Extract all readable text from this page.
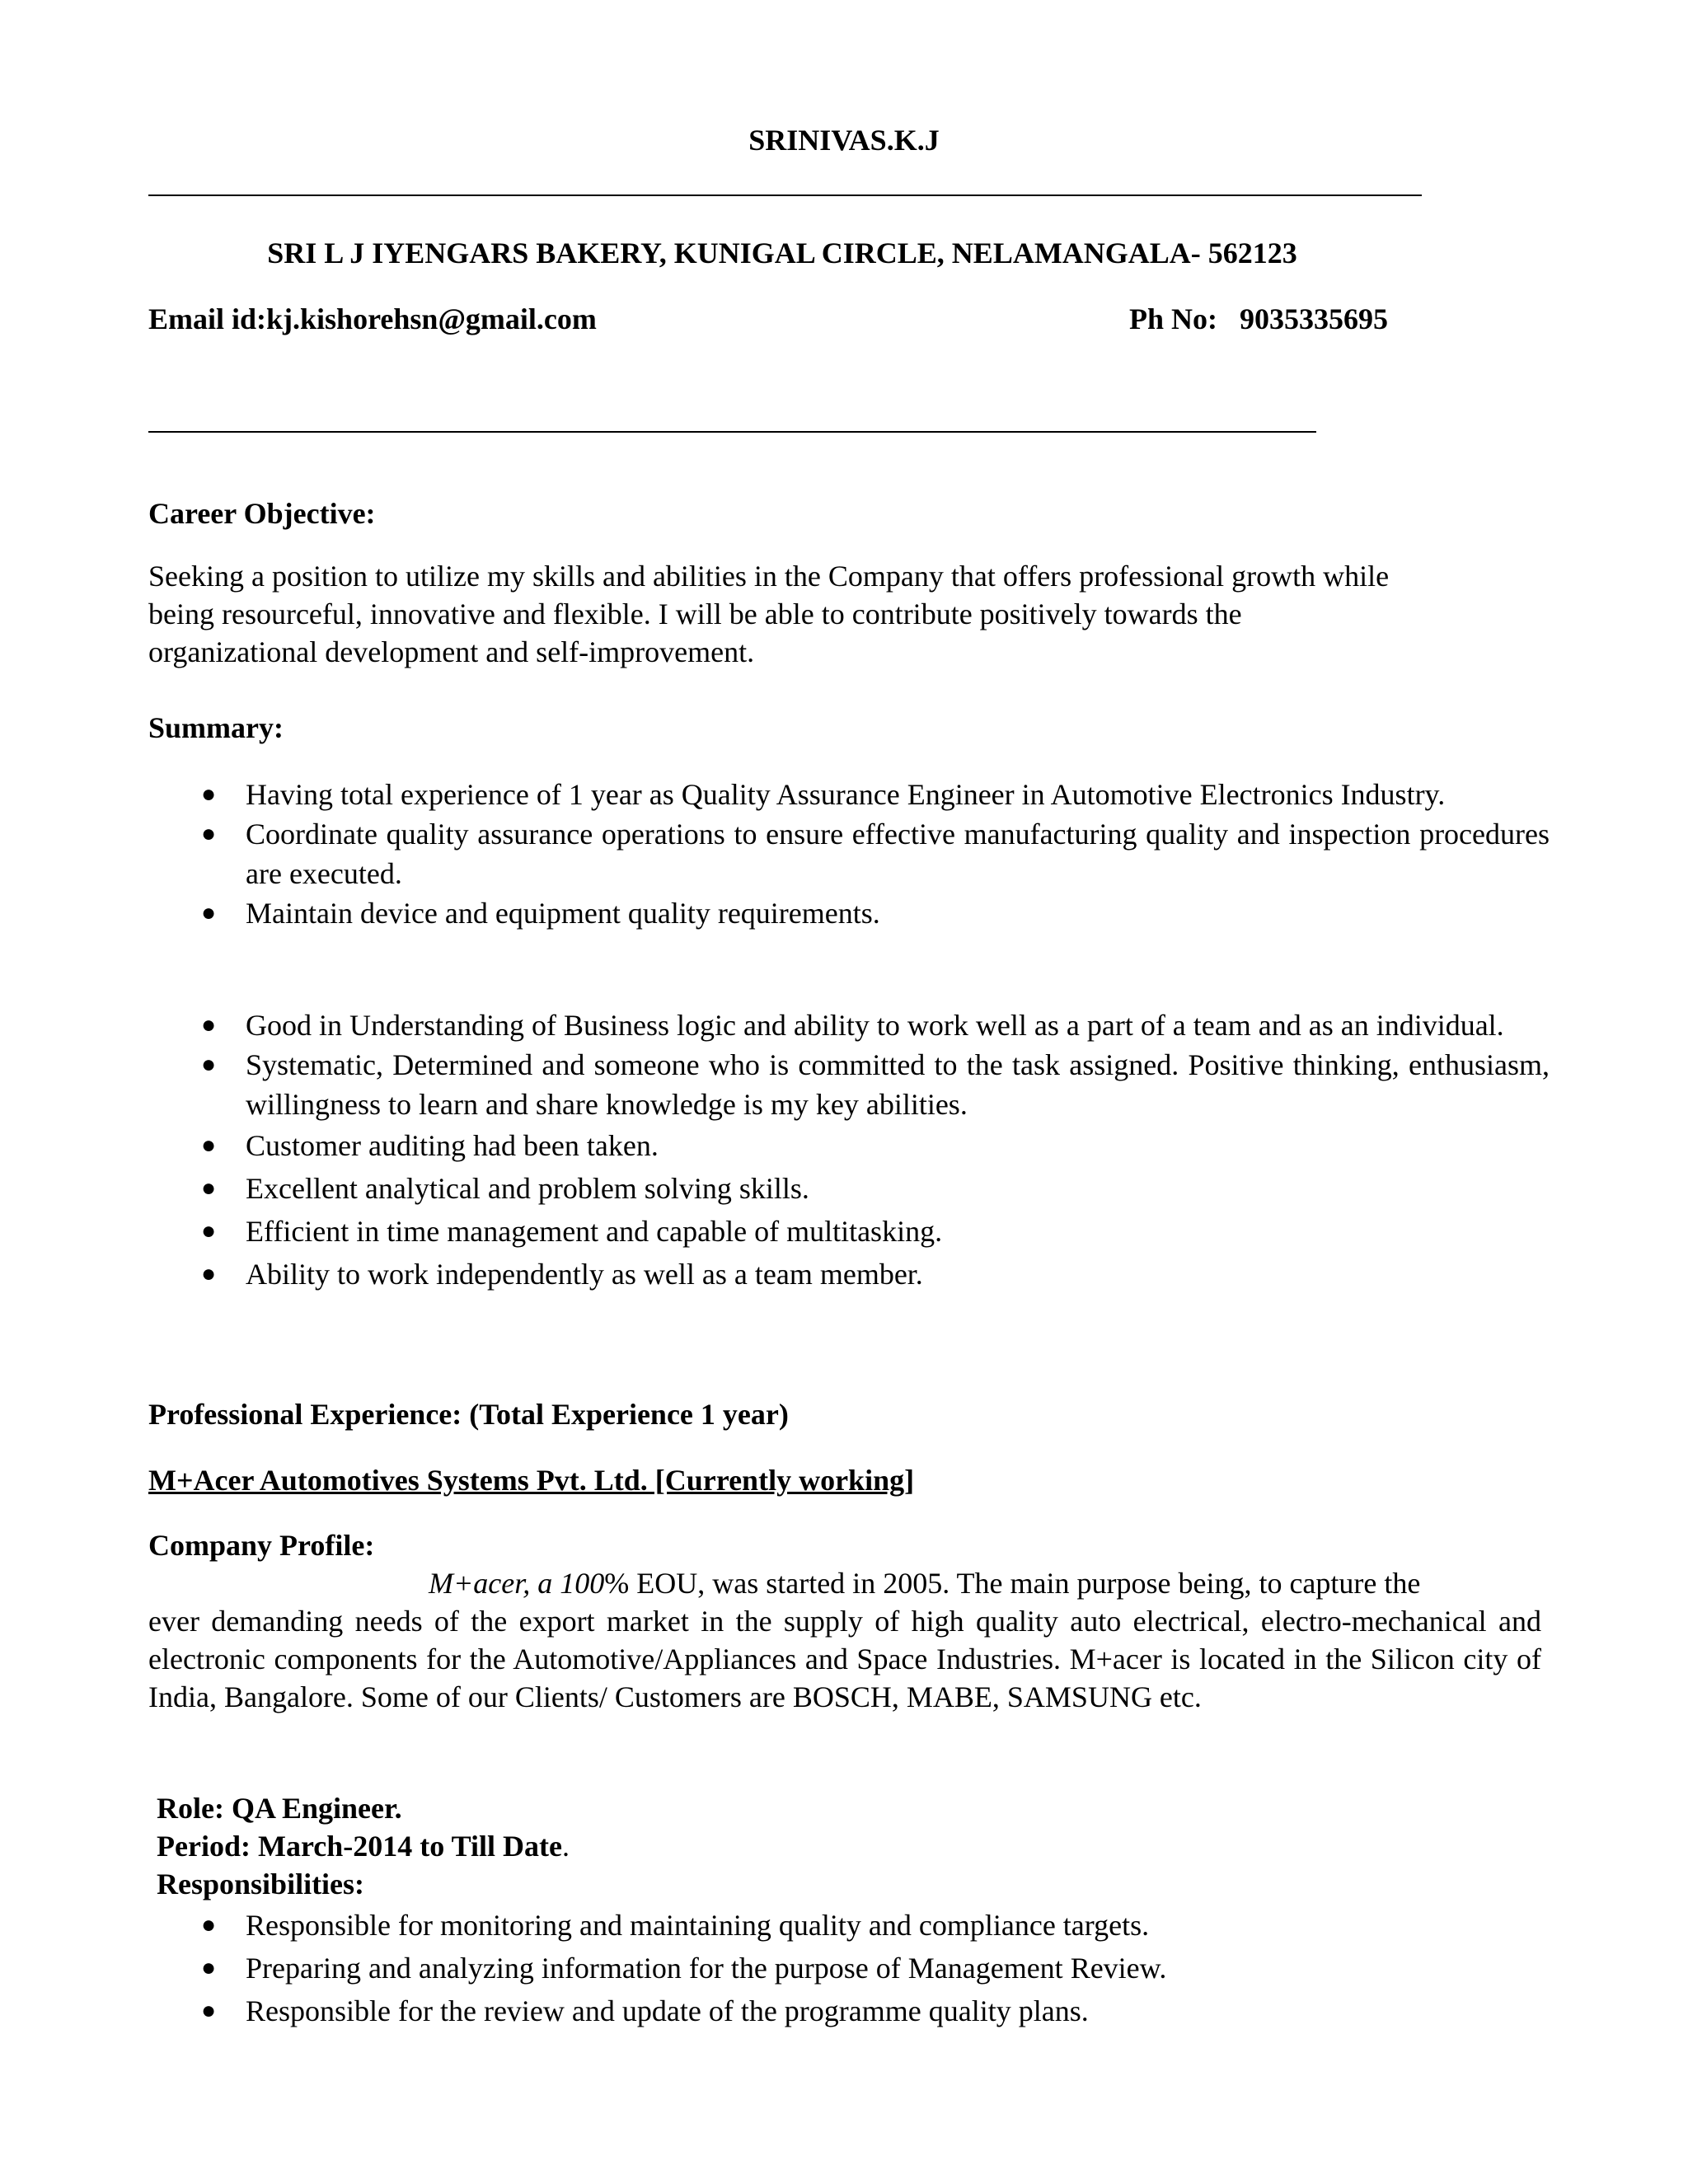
SRINIVAS.K.J
SRI L J IYENGARS BAKERY, KUNIGAL CIRCLE, NELAMANGALA- 562123
Email id:kj.kishorehsn@gmail.com	Ph No: 9035335695
Career Objective:
Seeking a position to utilize my skills and abilities in the Company that offers professional growth while
being resourceful, innovative and flexible. I will be able to contribute positively towards the
organizational development and self-improvement.
Summary:
● Having total experience of 1 year as Quality Assurance Engineer in Automotive Electronics Industry.
● Coordinate quality assurance operations to ensure effective manufacturing quality and inspection procedures are executed.
● Maintain device and equipment quality requirements.
● Good in Understanding of Business logic and ability to work well as a part of a team and as an individual.
● Systematic, Determined and someone who is committed to the task assigned. Positive thinking, enthusiasm, willingness to learn and share knowledge is my key abilities.
● Customer auditing had been taken.
● Excellent analytical and problem solving skills.
● Efficient in time management and capable of multitasking.
● Ability to work independently as well as a team member.
Professional Experience: (Total Experience 1 year)
M+Acer Automotives Systems Pvt. Ltd. [Currently working]
Company Profile:
M+acer, a 100% EOU, was started in 2005. The main purpose being, to capture the
ever demanding needs of the export market in the supply of high quality auto electrical, electro-mechanical and electronic components for the Automotive/Appliances and Space Industries. M+acer is located in the Silicon city of India, Bangalore. Some of our Clients/ Customers are BOSCH, MABE, SAMSUNG etc.
Role: QA Engineer.
Period: March-2014 to Till Date.
Responsibilities:
● Responsible for monitoring and maintaining quality and compliance targets.
● Preparing and analyzing information for the purpose of Management Review.
● Responsible for the review and update of the programme quality plans.
